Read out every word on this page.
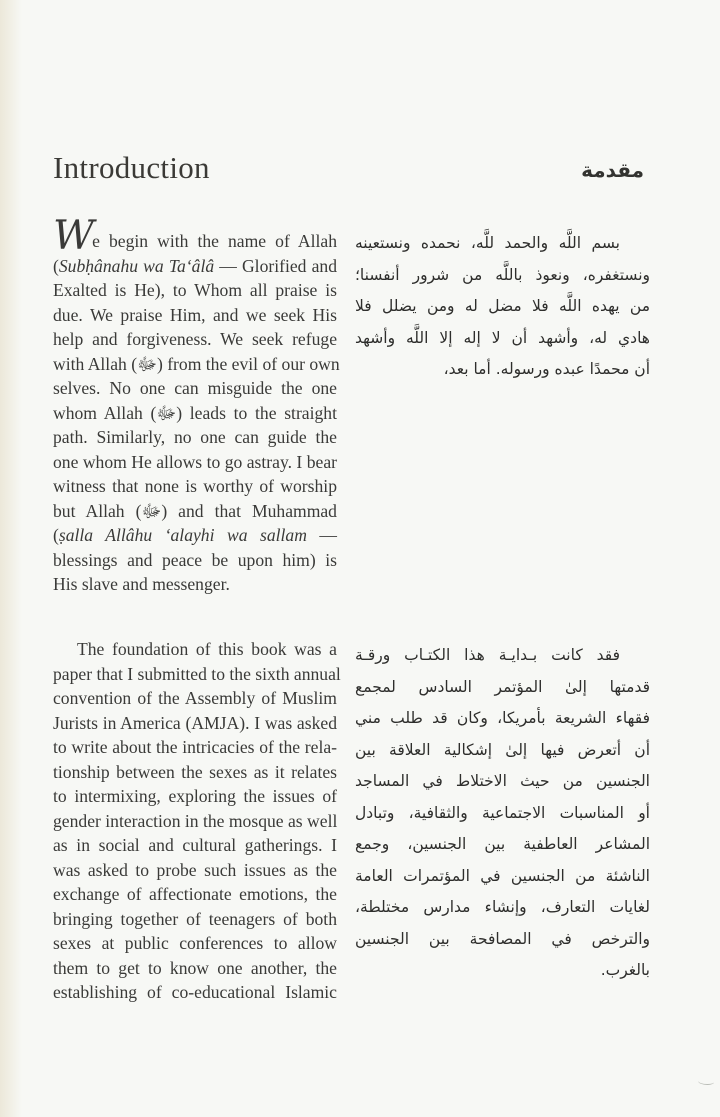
Introduction

We begin with the name of Allah
(Subḥânahu wa Ta‘âlâ — Glorified and
Exalted is He), to Whom all praise is
due. We praise Him, and we seek His
help and forgiveness. We seek refuge
with Allah (ﷻ) from the evil of our own
selves. No one can misguide the one
whom Allah (ﷻ) leads to the straight
path. Similarly, no one can guide the
one whom He allows to go astray. I bear
witness that none is worthy of worship
but Allah (ﷻ) and that Muhammad
(ṣalla Allâhu ‘alayhi wa sallam —
blessings and peace be upon him) is
His slave and messenger.

The foundation of this book was a
paper that I submitted to the sixth annual
convention of the Assembly of Muslim
Jurists in America (AMJA). I was asked
to write about the intricacies of the rela-
tionship between the sexes as it relates
to intermixing, exploring the issues of
gender interaction in the mosque as well
as in social and cultural gatherings. I
was asked to probe such issues as the
exchange of affectionate emotions, the
bringing together of teenagers of both
sexes at public conferences to allow
them to get to know one another, the
establishing of co-educational Islamic

مقدمة

بسم اللَّه والحمد للَّه، نحمده ونستعينه
ونستغفره، ونعوذ باللَّه من شرور أنفسنا؛
من يهده اللَّه فلا مضل له ومن يضلل فلا
هادي له، وأشهد أن لا إله إلا اللَّه وأشهد
أن محمدًا عبده ورسوله. أما بعد،

فقد كانت بـدايـة هذا الكتـاب ورقـة
قدمتها إلىٰ المؤتمر السادس لمجمع
فقهاء الشريعة بأمريكا، وكان قد طلب مني
أن أتعرض فيها إلىٰ إشكالية العلاقة بين
الجنسين من حيث الاختلاط في المساجد
أو المناسبات الاجتماعية والثقافية، وتبادل
المشاعر العاطفية بين الجنسين، وجمع
الناشئة من الجنسين في المؤتمرات العامة
لغايات التعارف، وإنشاء مدارس مختلطة،
والترخص في المصافحة بين الجنسين
بالغرب.
